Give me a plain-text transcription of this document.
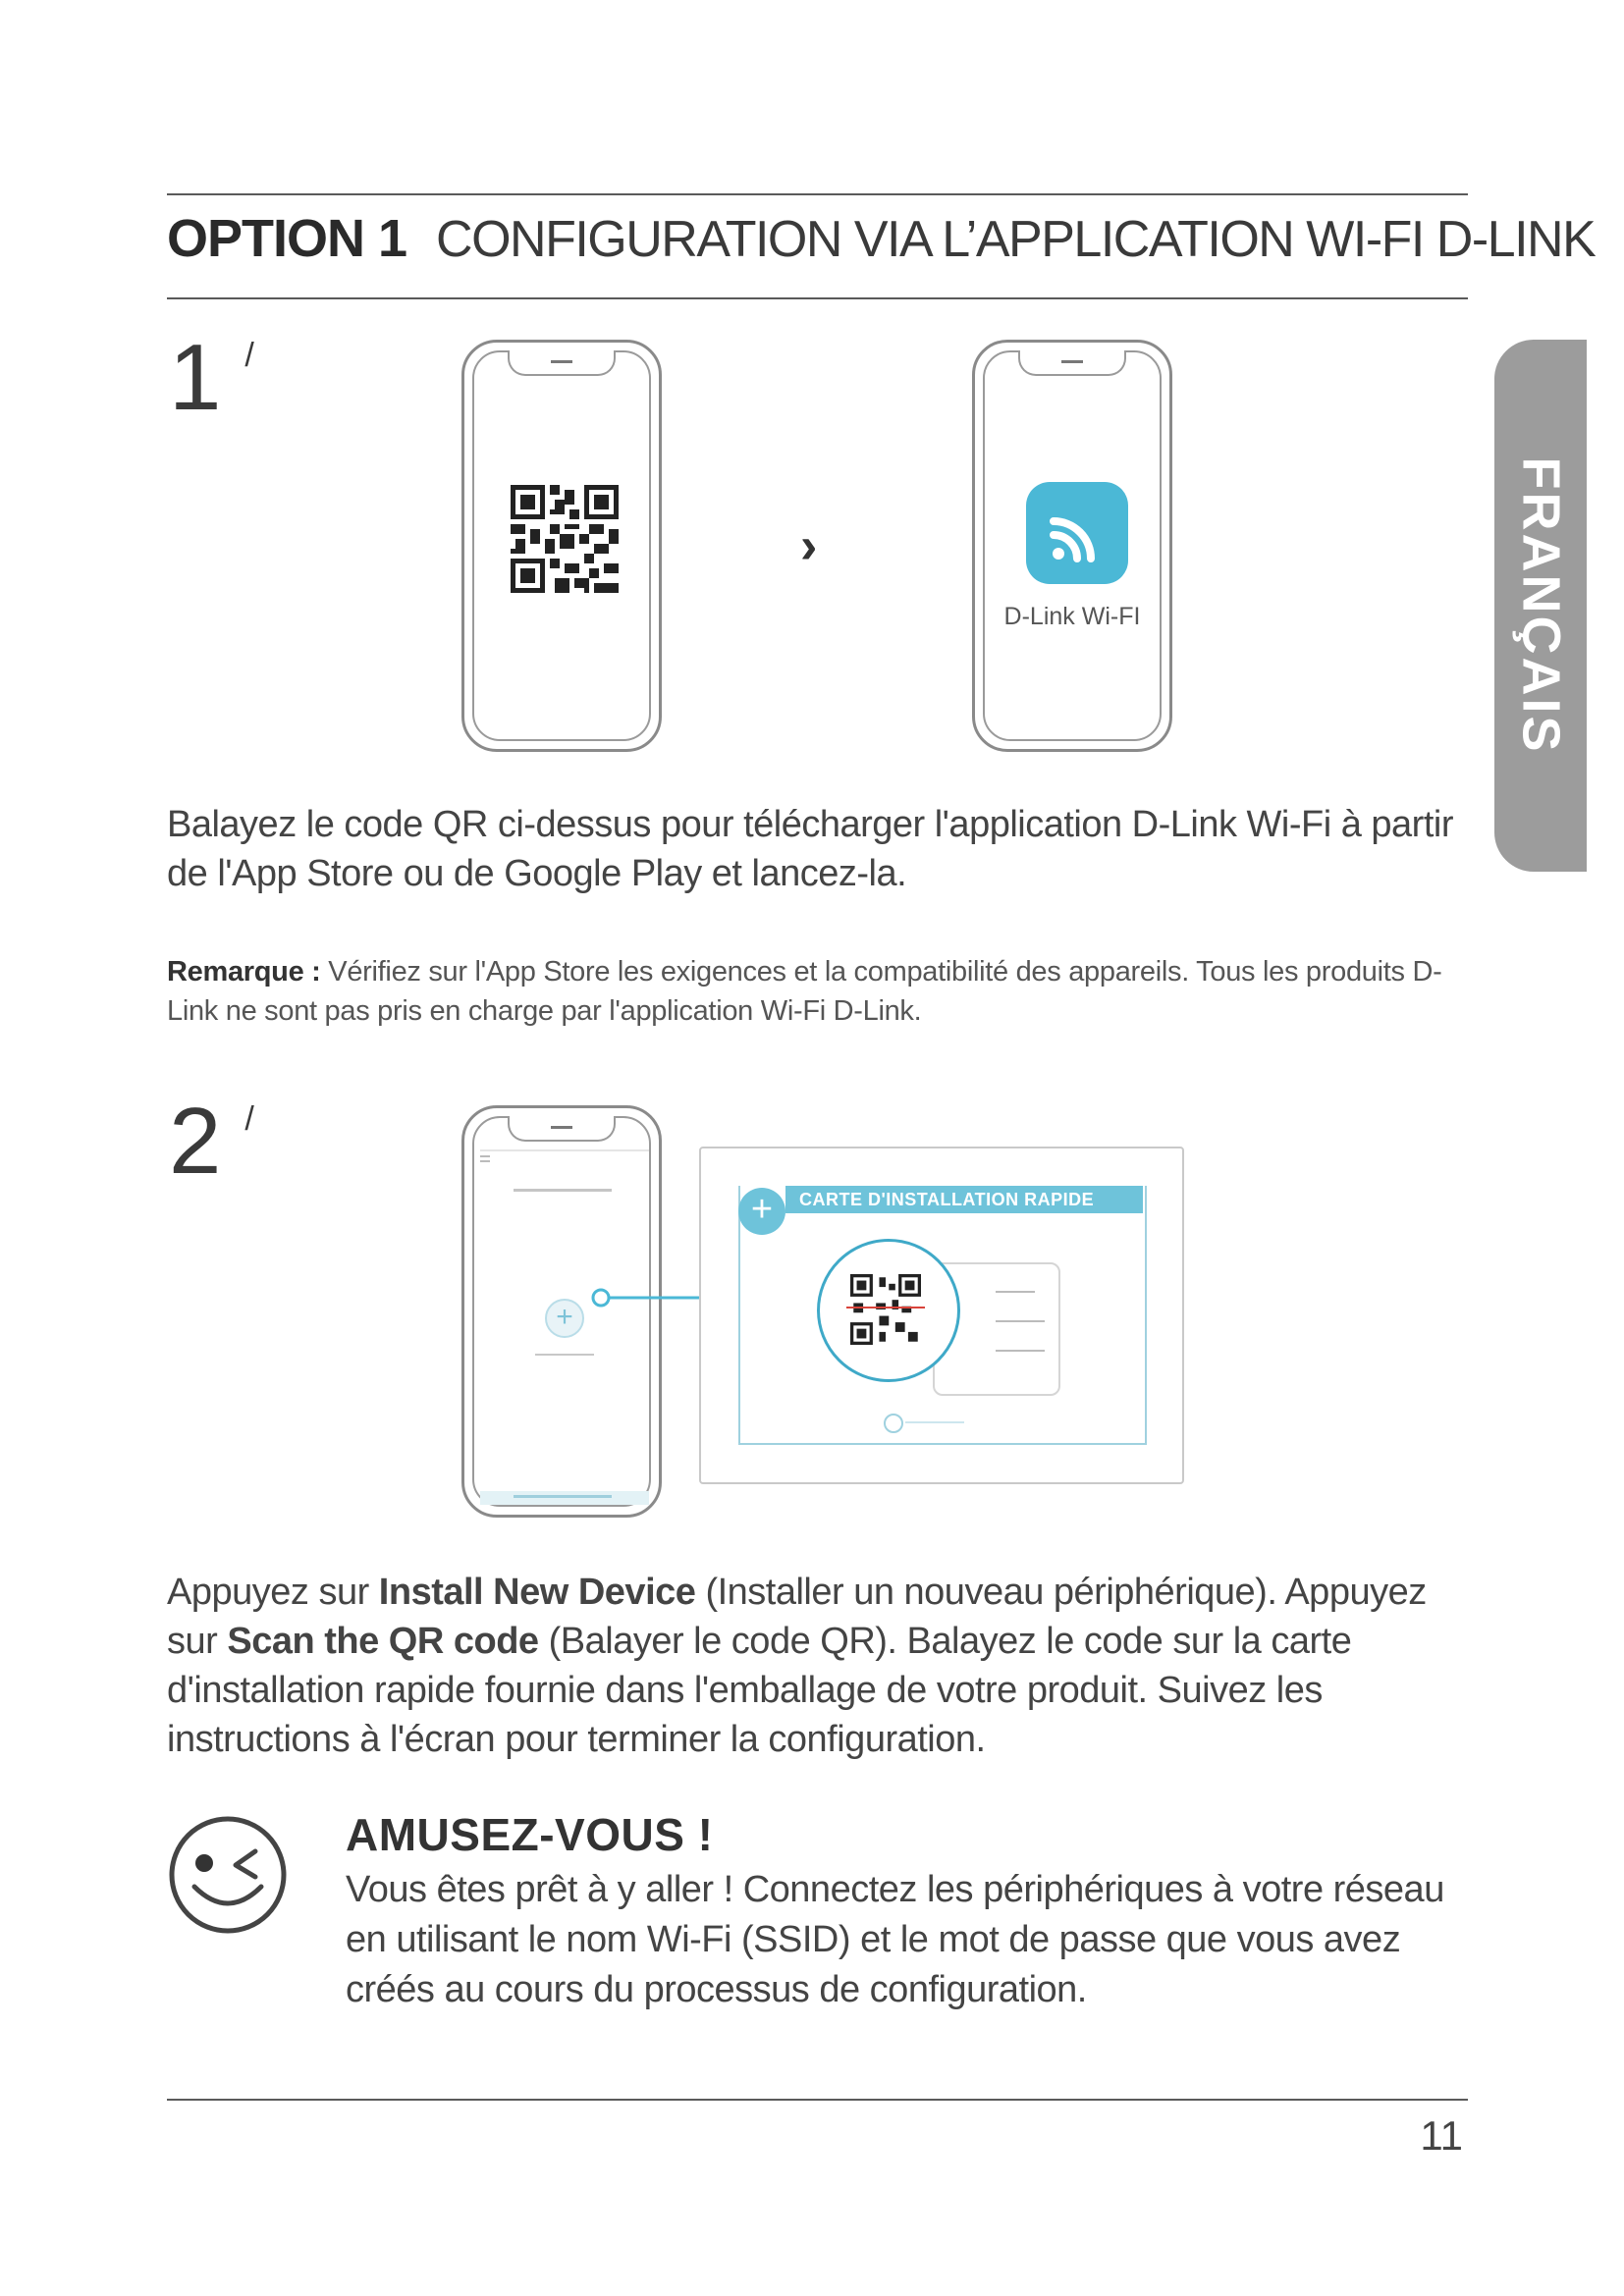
OPTION 1 CONFIGURATION VIA L’APPLICATION WI-FI D-LINK
FRANÇAIS
1 /
›
D-Link Wi-FI
Balayez le code QR ci-dessus pour télécharger l'application D-Link Wi-Fi à partir de l'App Store ou de Google Play et lancez-la.
Remarque : Vérifiez sur l'App Store les exigences et la compatibilité des appareils. Tous les produits D-Link ne sont pas pris en charge par l'application Wi-Fi D-Link.
2 /
+
CARTE D'INSTALLATION RAPIDE
+
Appuyez sur Install New Device (Installer un nouveau périphérique). Appuyez sur Scan the QR code (Balayer le code QR). Balayez le code sur la carte d'installation rapide fournie dans l'emballage de votre produit. Suivez les instructions à l'écran pour terminer la configuration.
AMUSEZ-VOUS !
Vous êtes prêt à y aller ! Connectez les périphériques à votre réseau en utilisant le nom Wi-Fi (SSID) et le mot de passe que vous avez créés au cours du processus de configuration.
11
